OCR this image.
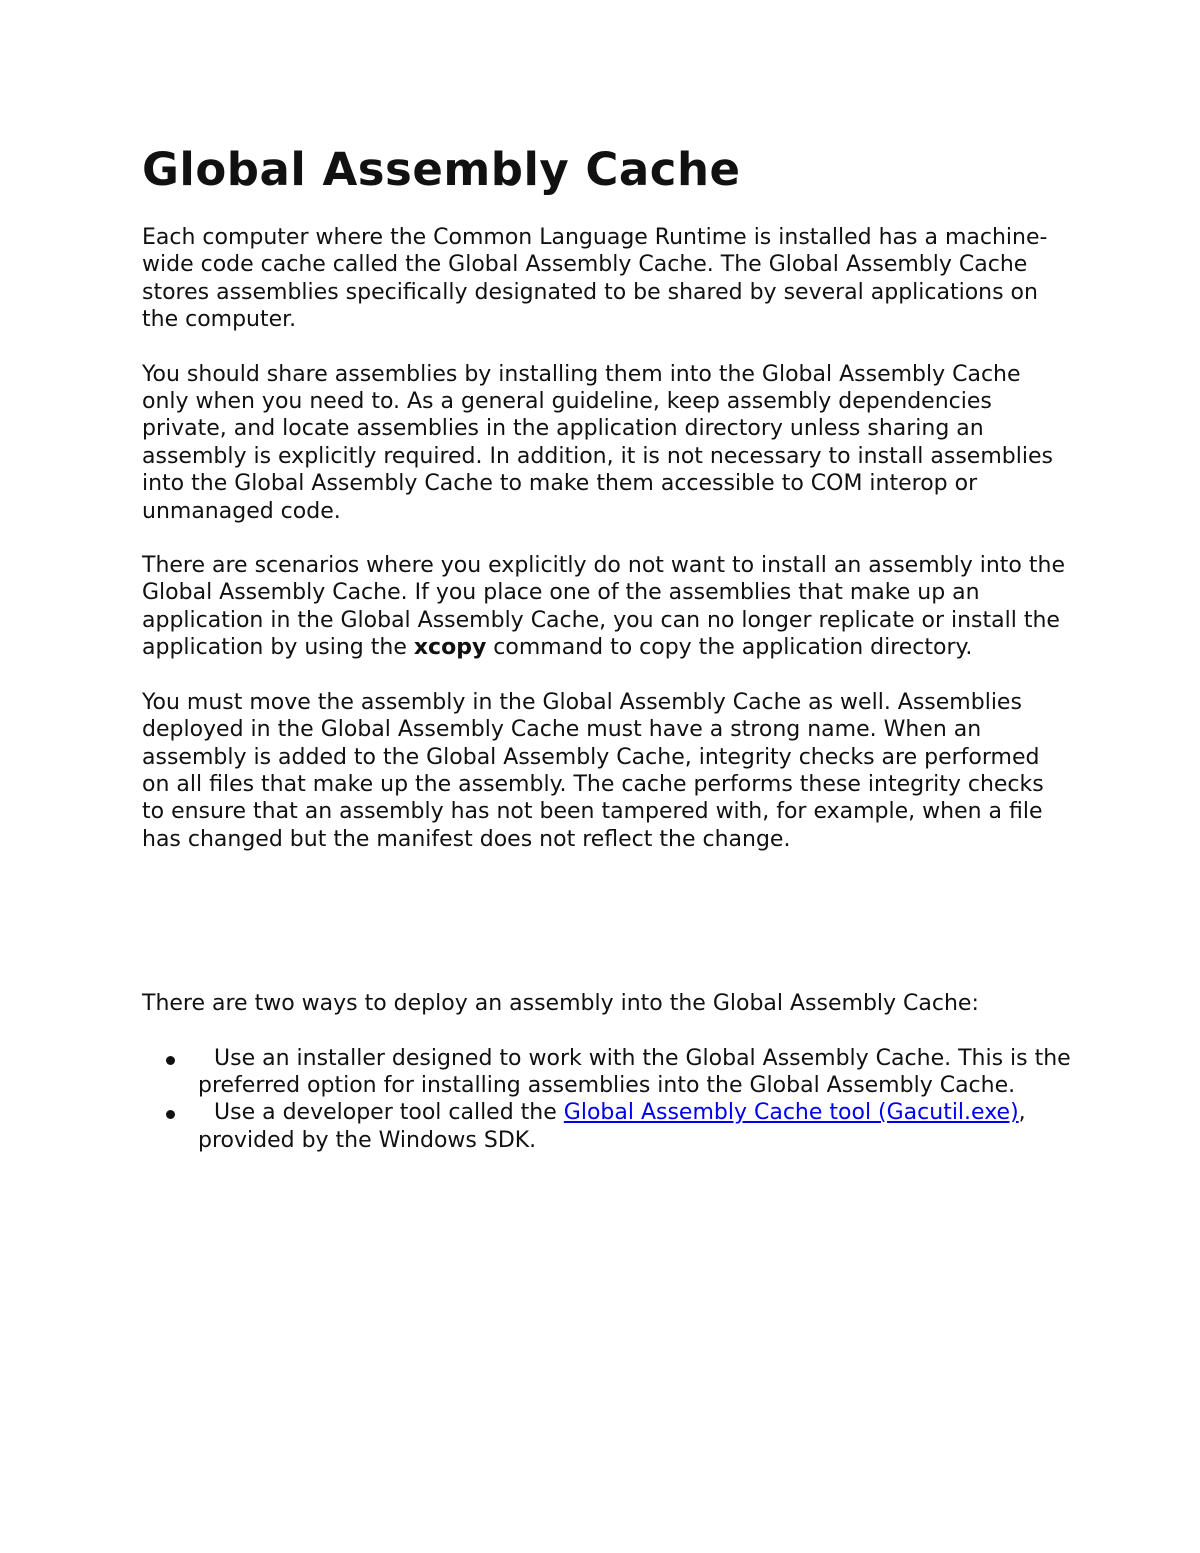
Global Assembly Cache

Each computer where the Common Language Runtime is installed has a machine-wide code cache called the Global Assembly Cache. The Global Assembly Cache stores assemblies specifically designated to be shared by several applications on the computer.

You should share assemblies by installing them into the Global Assembly Cache only when you need to. As a general guideline, keep assembly dependencies private, and locate assemblies in the application directory unless sharing an assembly is explicitly required. In addition, it is not necessary to install assemblies into the Global Assembly Cache to make them accessible to COM interop or unmanaged code.

There are scenarios where you explicitly do not want to install an assembly into the Global Assembly Cache. If you place one of the assemblies that make up an application in the Global Assembly Cache, you can no longer replicate or install the application by using the xcopy command to copy the application directory.

You must move the assembly in the Global Assembly Cache as well. Assemblies deployed in the Global Assembly Cache must have a strong name. When an assembly is added to the Global Assembly Cache, integrity checks are performed on all files that make up the assembly. The cache performs these integrity checks to ensure that an assembly has not been tampered with, for example, when a file has changed but the manifest does not reflect the change.

There are two ways to deploy an assembly into the Global Assembly Cache:

Use an installer designed to work with the Global Assembly Cache. This is the preferred option for installing assemblies into the Global Assembly Cache.
Use a developer tool called the Global Assembly Cache tool (Gacutil.exe), provided by the Windows SDK.
